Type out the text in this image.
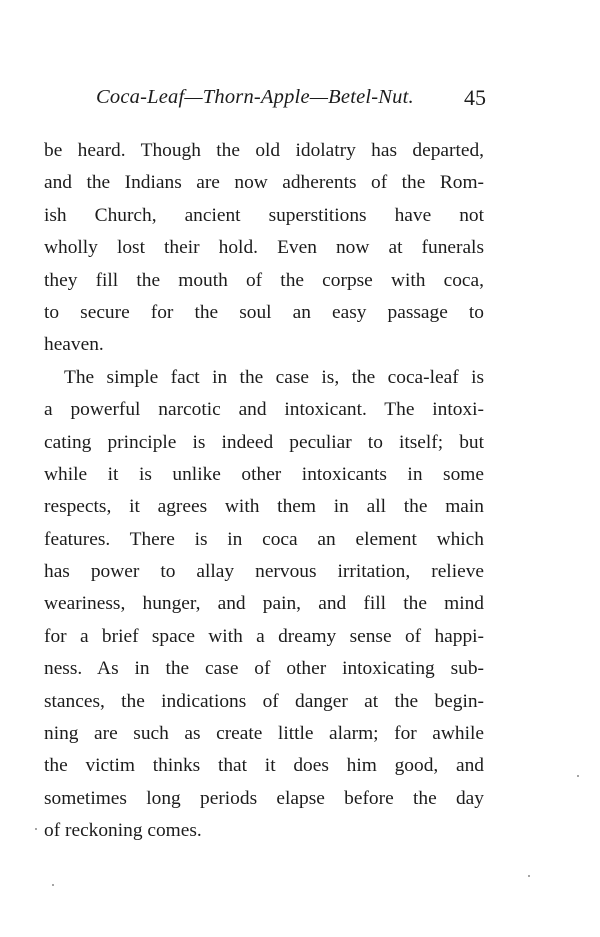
Coca-Leaf—Thorn-Apple—Betel-Nut. 45
be heard. Though the old idolatry has departed,
and the Indians are now adherents of the Rom-
ish Church, ancient superstitions have not
wholly lost their hold. Even now at funerals
they fill the mouth of the corpse with coca,
to secure for the soul an easy passage to
heaven.
The simple fact in the case is, the coca-leaf is
a powerful narcotic and intoxicant. The intoxi-
cating principle is indeed peculiar to itself; but
while it is unlike other intoxicants in some
respects, it agrees with them in all the main
features. There is in coca an element which
has power to allay nervous irritation, relieve
weariness, hunger, and pain, and fill the mind
for a brief space with a dreamy sense of happi-
ness. As in the case of other intoxicating sub-
stances, the indications of danger at the begin-
ning are such as create little alarm; for awhile
the victim thinks that it does him good, and
sometimes long periods elapse before the day
of reckoning comes.
